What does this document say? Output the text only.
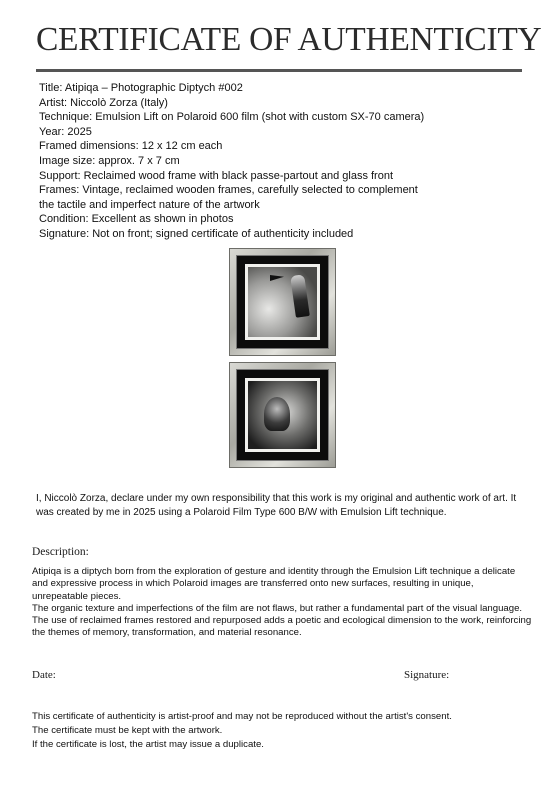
CERTIFICATE OF AUTHENTICITY
Title: Atipiqa – Photographic Diptych #002
Artist: Niccolò Zorza (Italy)
Technique: Emulsion Lift on Polaroid 600 film (shot with custom SX-70 camera)
Year: 2025
Framed dimensions: 12 x 12 cm each
Image size: approx. 7 x 7 cm
Support: Reclaimed wood frame with black passe-partout and glass front
Frames: Vintage, reclaimed wooden frames, carefully selected to complement
the tactile and imperfect nature of the artwork
Condition: Excellent as shown in photos
Signature: Not on front; signed certificate of authenticity included
I, Niccolò Zorza, declare under my own responsibility that this work is my original and authentic work of art. It was created by me in 2025 using a Polaroid Film Type 600 B/W with Emulsion Lift technique.
Description:

Atipiqa is a diptych born from the exploration of gesture and identity through the Emulsion Lift technique a delicate and expressive process in which Polaroid images are transferred onto new surfaces, resulting in unique, unrepeatable pieces.

The organic texture and imperfections of the film are not flaws, but rather a fundamental part of the visual language.

The use of reclaimed frames restored and repurposed adds a poetic and ecological dimension to the work, reinforcing the themes of memory, transformation, and material resonance.

Date:	Signature:
This certificate of authenticity is artist-proof and may not be reproduced without the artist's consent.
The certificate must be kept with the artwork.
If the certificate is lost, the artist may issue a duplicate.
